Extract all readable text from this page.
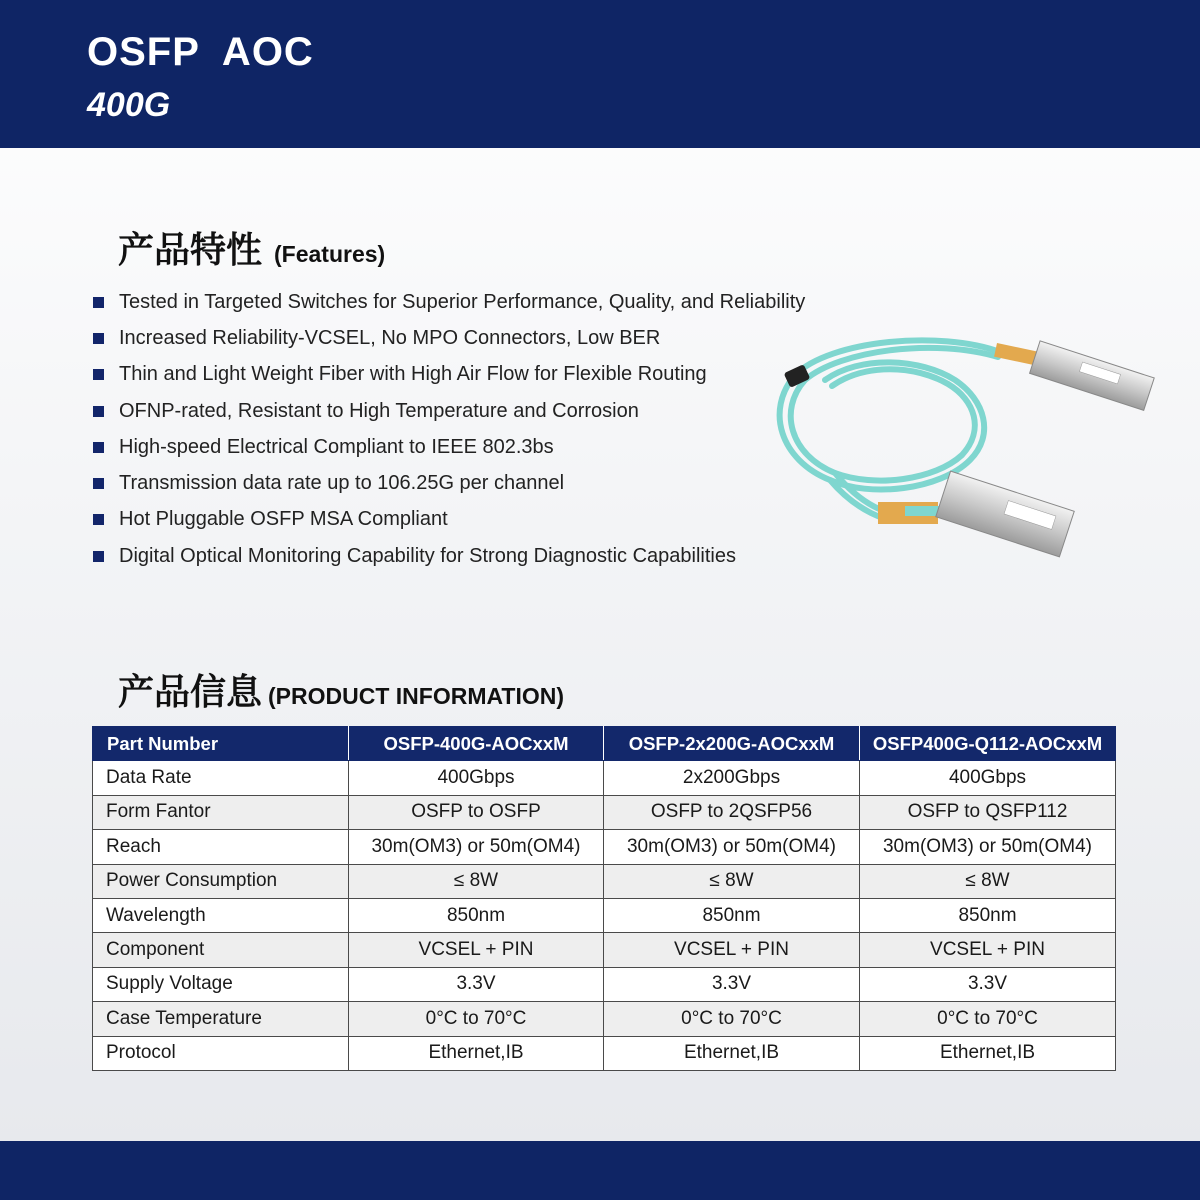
OSFP  AOC
400G
产品特性 (Features)
Tested in Targeted Switches for Superior Performance, Quality, and Reliability
Increased Reliability-VCSEL, No MPO Connectors, Low BER
Thin and Light Weight Fiber with High Air Flow for Flexible Routing
OFNP-rated, Resistant to High Temperature and Corrosion
High-speed Electrical Compliant to IEEE 802.3bs
Transmission data rate up to 106.25G per channel
Hot Pluggable OSFP MSA Compliant
Digital Optical Monitoring Capability for Strong Diagnostic Capabilities
产品信息 (PRODUCT INFORMATION)
Part Number	OSFP-400G-AOCxxM	OSFP-2x200G-AOCxxM	OSFP400G-Q112-AOCxxM
Data Rate	400Gbps	2x200Gbps	400Gbps
Form Fantor	OSFP to OSFP	OSFP to 2QSFP56	OSFP to QSFP112
Reach	30m(OM3) or 50m(OM4)	30m(OM3) or 50m(OM4)	30m(OM3) or 50m(OM4)
Power Consumption	≤ 8W	≤ 8W	≤ 8W
Wavelength	850nm	850nm	850nm
Component	VCSEL + PIN	VCSEL + PIN	VCSEL + PIN
Supply Voltage	3.3V	3.3V	3.3V
Case Temperature	0°C to 70°C	0°C to 70°C	0°C to 70°C
Protocol	Ethernet,IB	Ethernet,IB	Ethernet,IB
